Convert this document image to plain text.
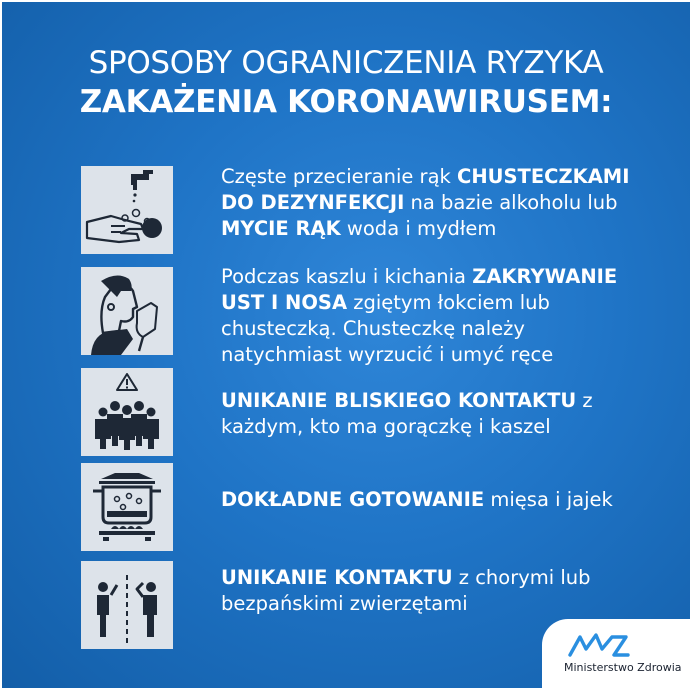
SPOSOBY OGRANICZENIA RYZYKA
ZAKAŻENIA KORONAWIRUSEM:
Częste przecieranie rąk CHUSTECZKAMI DO DEZYNFEKCJI na bazie alkoholu lub MYCIE RĄK woda i mydłem
Podczas kaszlu i kichania ZAKRYWANIE UST I NOSA zgiętym łokciem lub chusteczką. Chusteczkę należy natychmiast wyrzucić i umyć ręce
UNIKANIE BLISKIEGO KONTAKTU z każdym, kto ma gorączkę i kaszel
DOKŁADNE GOTOWANIE mięsa i jajek
UNIKANIE KONTAKTU z chorymi lub bezpańskimi zwierzętami
Ministerstwo Zdrowia
